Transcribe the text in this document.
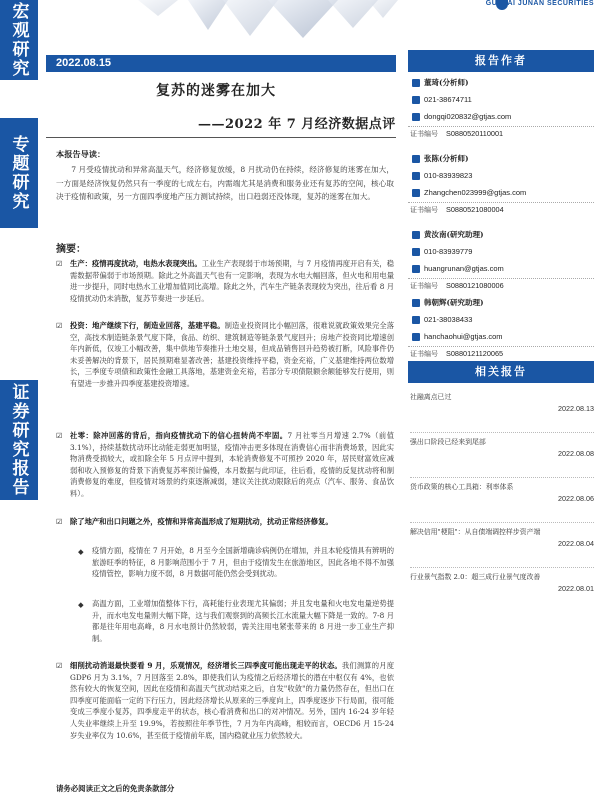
宏观研究
专题研究
证券研究报告
GUOTAI JUNAN SECURITIES
2022.08.15
复苏的迷雾在加大
——2022 年 7 月经济数据点评
本报告导读：
7 月受疫情扰动和异常高温天气，经济修复放缓，8 月扰动仍在持续，经济修复的迷雾在加大，一方面是经济恢复仍然只有一季度的七成左右，内需端尤其是消费和服务业还有复苏的空间，核心取决于疫情和政策，另一方面四季度地产压力测试持续，出口趋弱还没体现，复苏的迷雾在加大。
摘要：
☑ 生产：疫情再度扰动，电热水表现突出。工业生产表现弱于市场预期，与 7 月疫情再度开启有关，稳需数据带偏弱于市场预期。除此之外高温天气也有一定影响，表现为水电大幅回落，但火电和用电量进一步提升，同时电热水工业增加值同比高增。除此之外，汽车生产链条表现较为突出，往后看 8 月疫情扰动仍未消散，复苏节奏进一步延后。
☑ 投资：地产继续下行，制造业回落，基建平稳。制造业投资同比小幅回落，很难说就政策效果完全落空，高技术制造链条景气度下降，食品、纺织、建筑制造等链条景气度回升；房地产投资同比增速创年内新低，仅竣工小幅改善，集中供地节奏推升土地交易，但成品销售回升趋势被打断，风险事件仍未妥善解决的背景下，居民预期难显著改善；基建投资维持平稳，资金充裕，广义基建维持两位数增长，三季度专项债和政策性金融工具落地，基建资金充裕，若部分专项债限额余额能够发行使用，则有望进一步推升四季度基建投资增速。
☑ 社零：除冲回落的背后，指向疫情扰动下的信心扭转尚不牢固。7 月社零当月增速 2.7%（前值 3.1%），持续基数扰动环比动能走弱更加明显，疫情冲击更多体现在消费信心而非消费场景，因此实物消费受损较大，或扣除全年 5 月点评中提到，本轮消费修复不可照抄 2020 年，居民财富效应减弱和收入预修复的背景下消费复苏率预计偏慢，本月数据与此印证，往后看，疫情的反复扰动将和制消费修复的难度，但疫情对场景的约束逐渐减弱，建议关注扰动限除后的亮点（汽车、服务、食品饮料）。
☑ 除了地产和出口问题之外，疫情和异常高温形成了短期扰动，扰动正常经济修复。
◆ 疫情方面，疫情在 7 月开始，8 月至今全国新增确诊病例仍在增加，并且本轮疫情具有辨明的旅游旺季的特征，8 月影响范围小于 7 月，但由于疫情发生在旅游地区，因此各地不得不加强疫情管控，影响力度不弱，8 月数据可能仍然会受到扰动。
◆ 高温方面，工业增加值整体下行，高耗能行业表现尤其偏弱；并且发电量和火电发电量逆势提升，而水电发电量则大幅下降，这与我们观察到的高频长江水流量大幅下降是一致的。7-8 月都是往年用电高峰，8 月水电预计仍然较弱，需关注用电紧张带来的 8 月进一步工业生产抑制。
☑ 细削扰动消退最快要看 9 月，乐观情况，经济增长三四季度可能出现走平的状态。我们测算的月度 GDP6 月为 3.1%，7 月回落至 2.8%，即使我们认为疫情之后经济增长的潜在中枢仅有 4%，也依然有较大的恢复空间，因此在疫情和高温天气扰动结束之后，自发"收敛"的力量仍然存在，但出口在四季度可能面临一定的下行压力，因此经济增长从原来的三季度向上，四季度逐步下行局面，很可能变成三季度小复苏，四季度走平的状态，核心看消费和出口的对冲情况。另外，国内 16-24 岁年轻人失业率继续上升至 19.9%，若按照往年季节性，7 月为年内高峰，相较而言，OECD6 月 15-24 岁失业率仅为 10.6%，甚至低于疫情前年底，国内稳就业压力依然较大。
请务必阅读正文之后的免责条款部分
报告作者
董琦(分析师)
021-38674711
dongqi020832@gtjas.com
证书编号 S0880520110001
张陈(分析师)
010-83939823
Zhangchen023999@gtjas.com
证书编号 S0880521080004
黄汝南(研究助理)
010-83939779
huangrunan@gtjas.com
证书编号 S0880121080006
韩朝辉(研究助理)
021-38038433
hanchaohui@gtjas.com
证书编号 S0880121120065
相关报告
社融离点已过
2022.08.13
强出口阶段已经来到尾部
2022.08.08
货币政策的核心工具箱：利率体系
2022.08.06
解决信用"梗阻"：从自债端调控样步资产端
2022.08.04
行业景气指数 2.0：超三成行业景气度改善
2022.08.01
